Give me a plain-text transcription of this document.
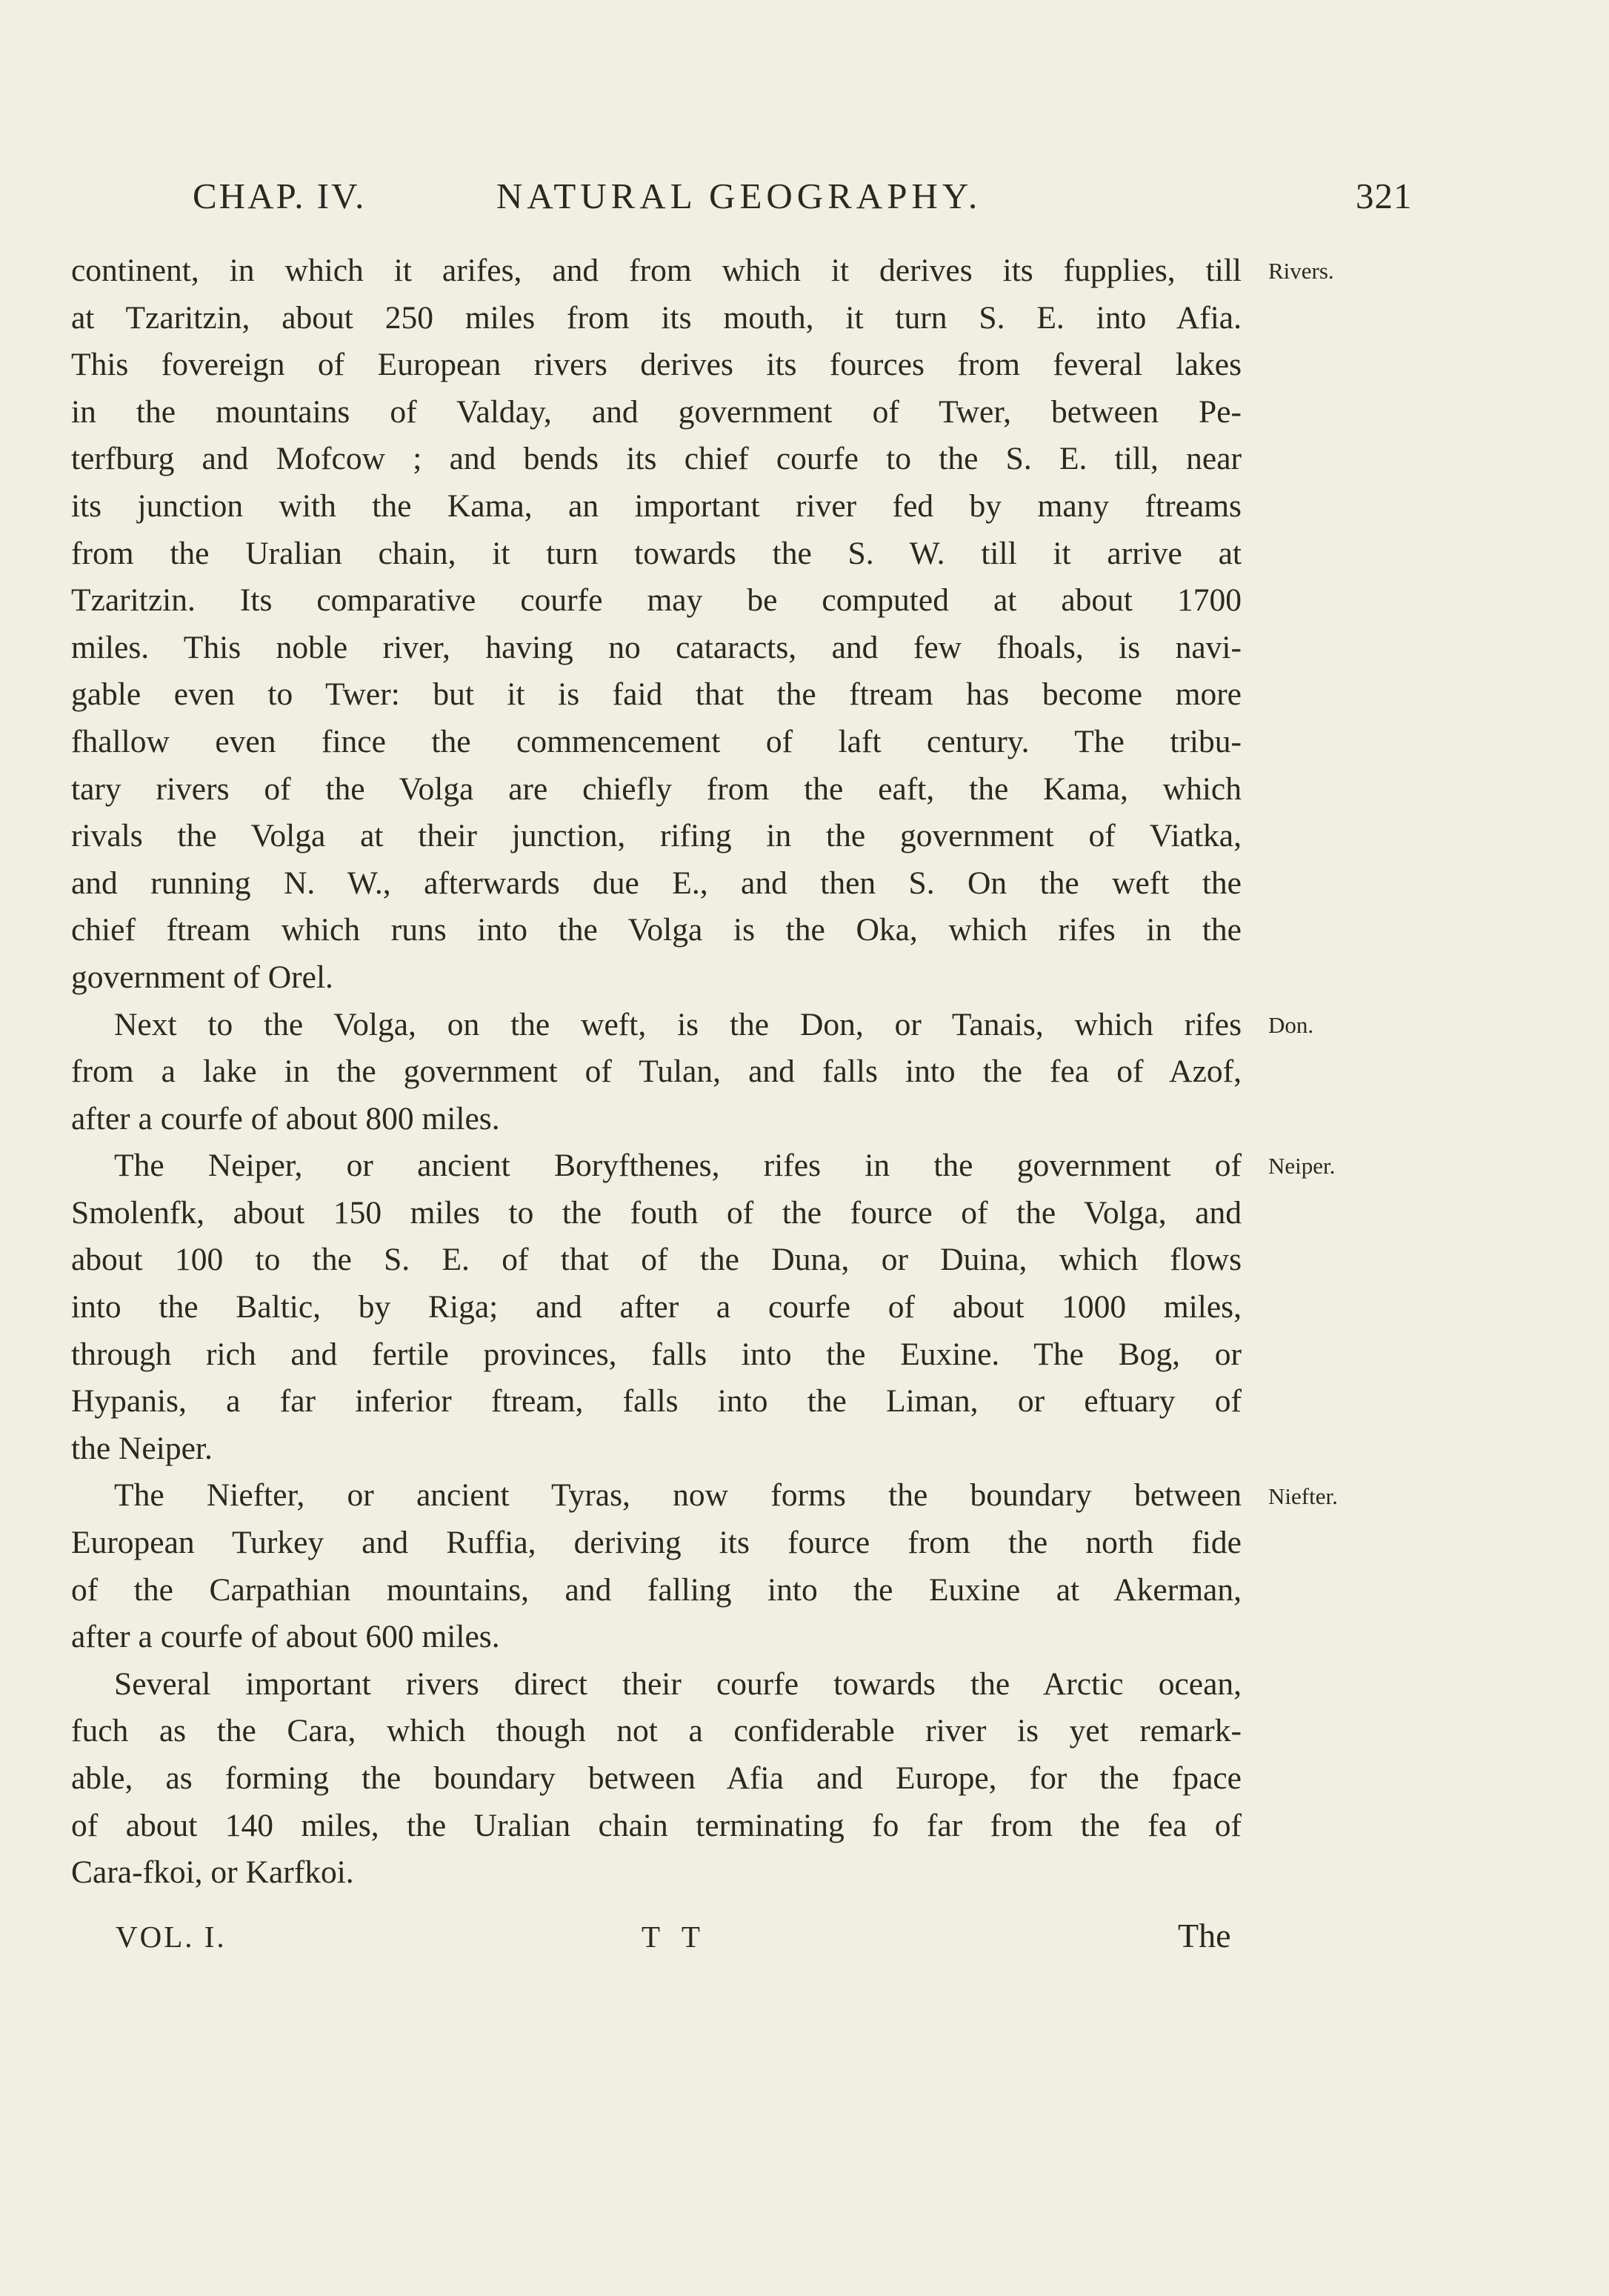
CHAP. IV.	NATURAL GEOGRAPHY.	321
continent, in which it arifes, and from which it derives its fupplies, till
at Tzaritzin, about 250 miles from its mouth, it turn S. E. into Afia.
This fovereign of European rivers derives its fources from feveral lakes
in the mountains of Valday, and government of Twer, between Pe-
terfburg and Mofcow ; and bends its chief courfe to the S. E. till, near
its junction with the Kama, an important river fed by many ftreams
from the Uralian chain, it turn towards the S. W. till it arrive at
Tzaritzin. Its comparative courfe may be computed at about 1700
miles. This noble river, having no cataracts, and few fhoals, is navi-
gable even to Twer: but it is faid that the ftream has become more
fhallow even fince the commencement of laft century. The tribu-
tary rivers of the Volga are chiefly from the eaft, the Kama, which
rivals the Volga at their junction, rifing in the government of Viatka,
and running N. W., afterwards due E., and then S. On the weft the
chief ftream which runs into the Volga is the Oka, which rifes in the
government of Orel.
Next to the Volga, on the weft, is the Don, or Tanais, which rifes
from a lake in the government of Tulan, and falls into the fea of Azof,
after a courfe of about 800 miles.
The Neiper, or ancient Boryfthenes, rifes in the government of
Smolenfk, about 150 miles to the fouth of the fource of the Volga, and
about 100 to the S. E. of that of the Duna, or Duina, which flows
into the Baltic, by Riga; and after a courfe of about 1000 miles,
through rich and fertile provinces, falls into the Euxine. The Bog, or
Hypanis, a far inferior ftream, falls into the Liman, or eftuary of
the Neiper.
The Niefter, or ancient Tyras, now forms the boundary between
European Turkey and Ruffia, deriving its fource from the north fide
of the Carpathian mountains, and falling into the Euxine at Akerman,
after a courfe of about 600 miles.
Several important rivers direct their courfe towards the Arctic ocean,
fuch as the Cara, which though not a confiderable river is yet remark-
able, as forming the boundary between Afia and Europe, for the fpace
of about 140 miles, the Uralian chain terminating fo far from the fea of
Cara-fkoi, or Karfkoi.
Rivers.
Don.
Neiper.
Niefter.
VOL. I.	T T	The
